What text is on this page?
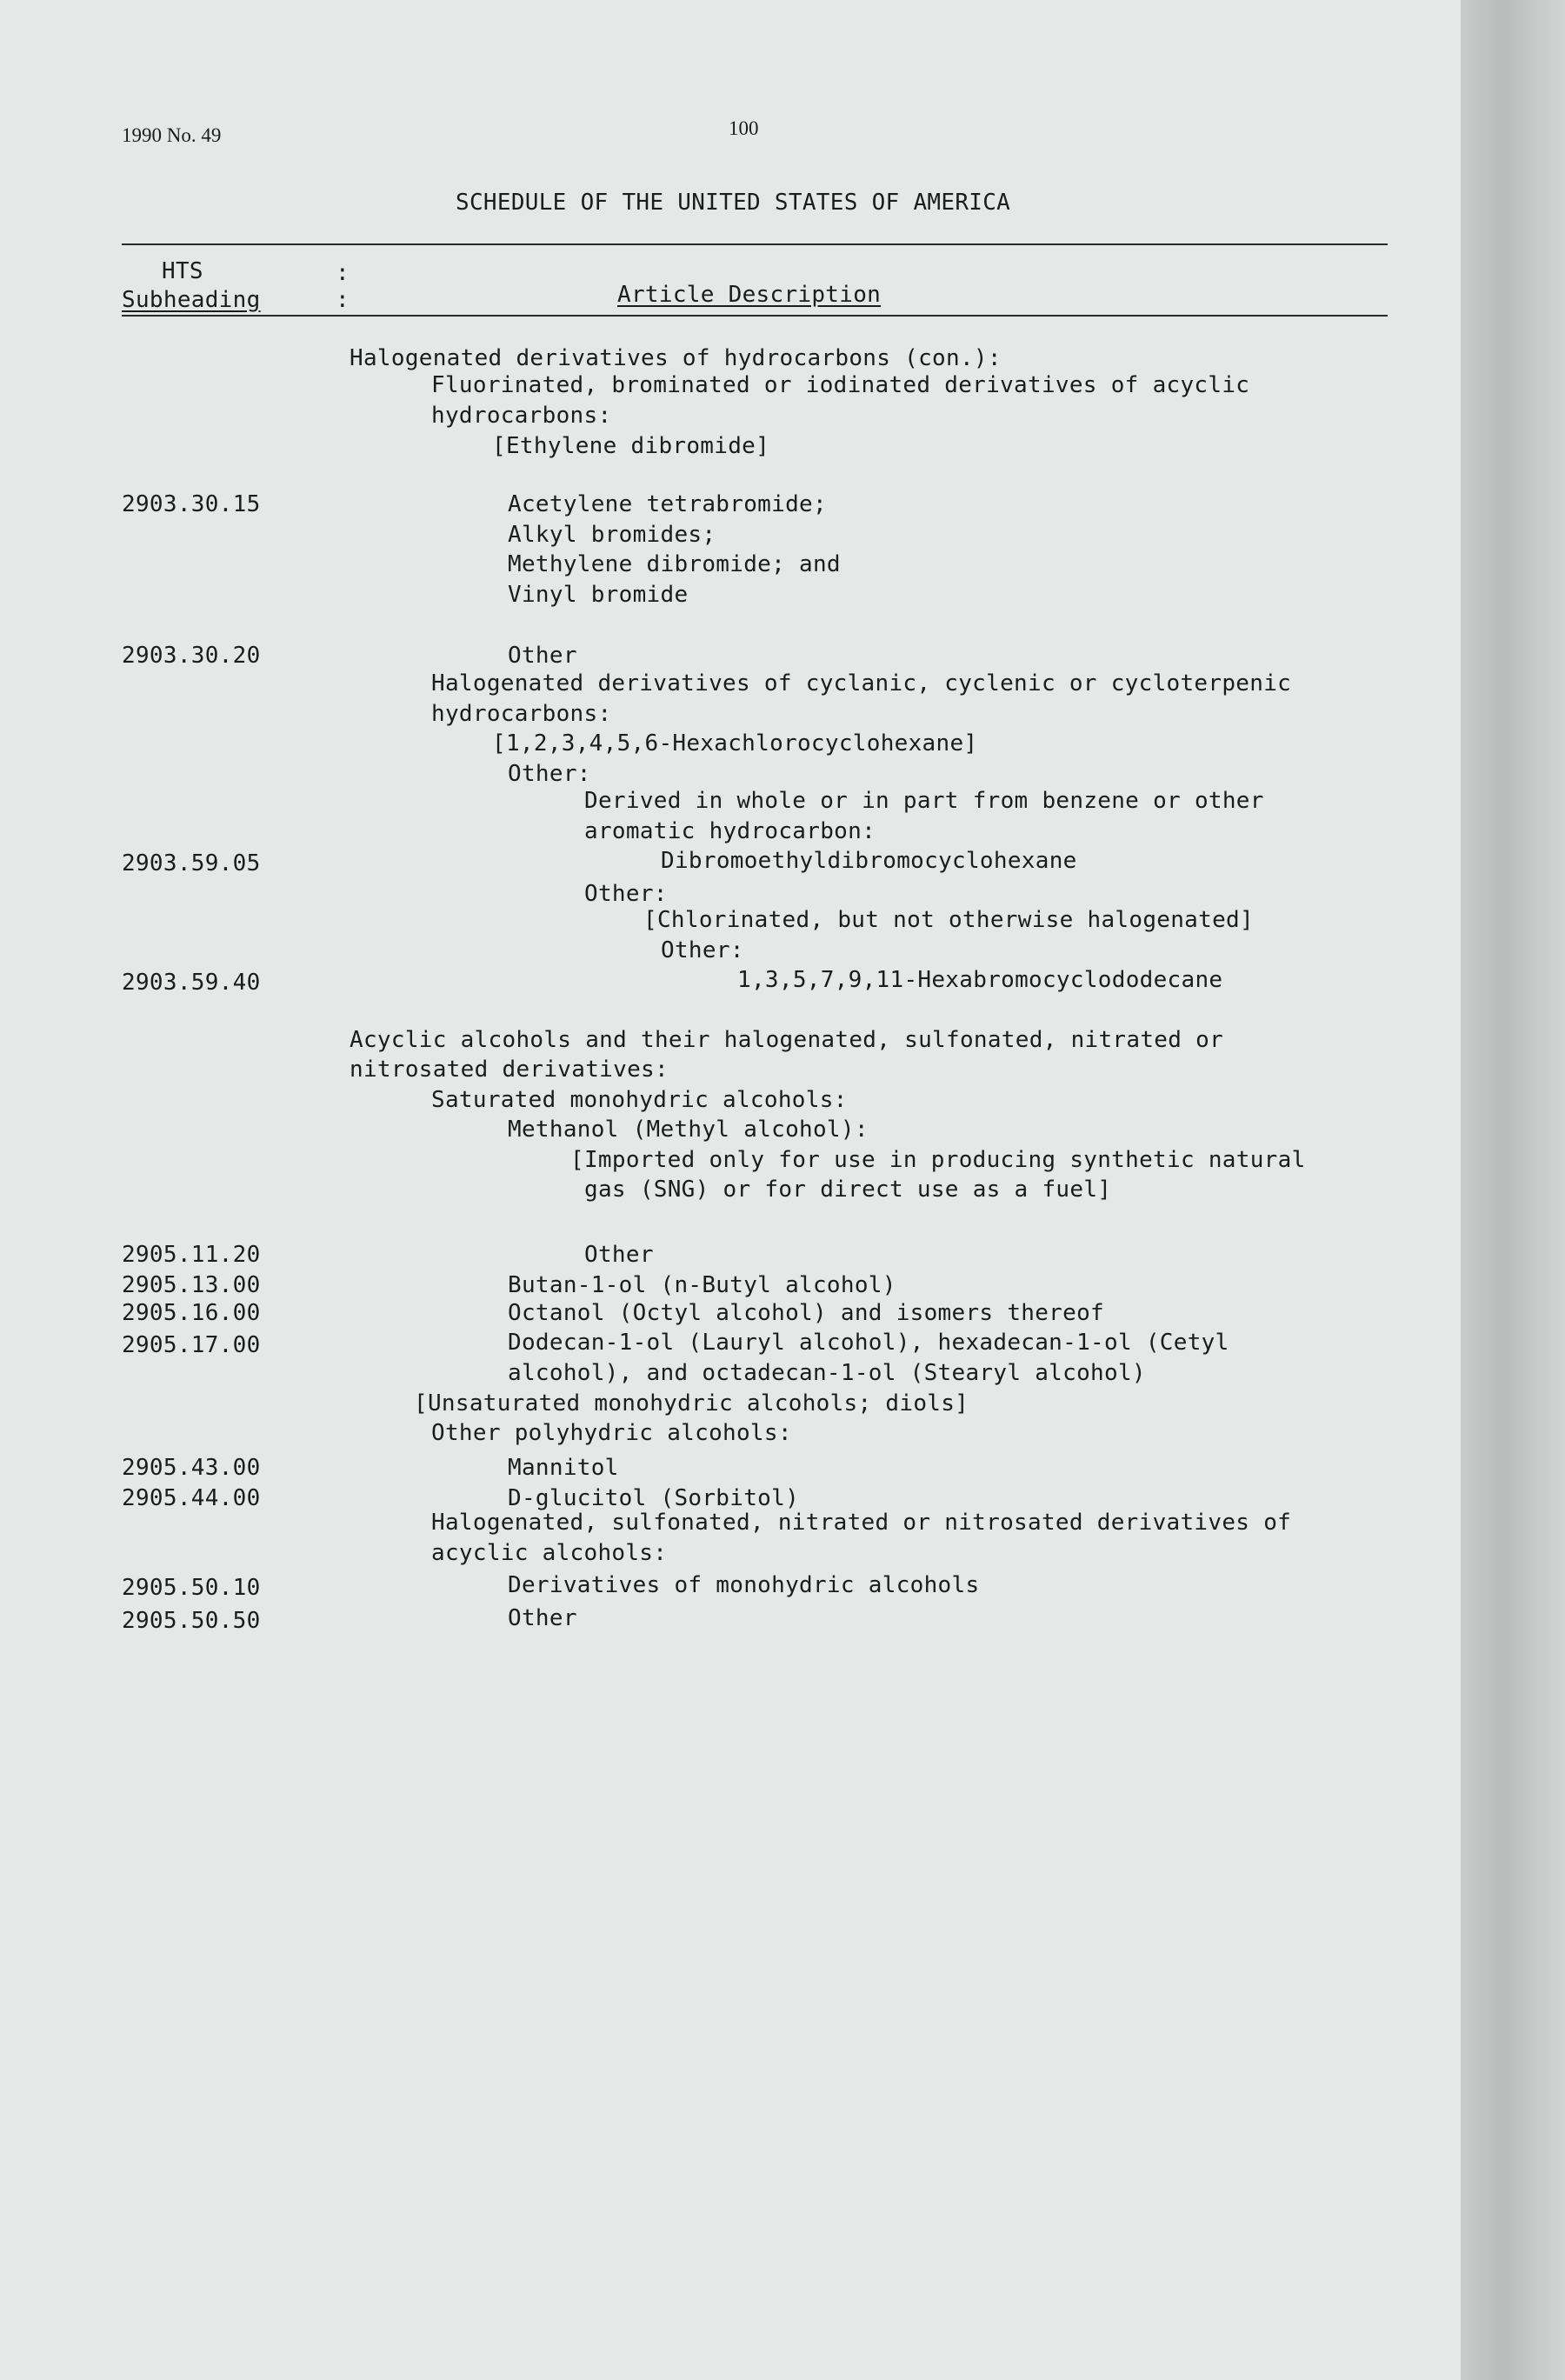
1990 No. 49	100
SCHEDULE OF THE UNITED STATES OF AMERICA
HTS
Subheading
:
:	Article Description
Halogenated derivatives of hydrocarbons (con.):
Fluorinated, brominated or iodinated derivatives of acyclic
hydrocarbons:
[Ethylene dibromide]
2903.30.15	Acetylene tetrabromide;
Alkyl bromides;
Methylene dibromide; and
Vinyl bromide
2903.30.20	Other
Halogenated derivatives of cyclanic, cyclenic or cycloterpenic
hydrocarbons:
[1,2,3,4,5,6-Hexachlorocyclohexane]
Other:
Derived in whole or in part from benzene or other
aromatic hydrocarbon:
2903.59.05	Dibromoethyldibromocyclohexane
Other:
[Chlorinated, but not otherwise halogenated]
Other:
2903.59.40	1,3,5,7,9,11-Hexabromocyclododecane
Acyclic alcohols and their halogenated, sulfonated, nitrated or
nitrosated derivatives:
Saturated monohydric alcohols:
Methanol (Methyl alcohol):
[Imported only for use in producing synthetic natural
gas (SNG) or for direct use as a fuel]
2905.11.20	Other
2905.13.00	Butan-1-ol (n-Butyl alcohol)
2905.16.00	Octanol (Octyl alcohol) and isomers thereof
2905.17.00	Dodecan-1-ol (Lauryl alcohol), hexadecan-1-ol (Cetyl
alcohol), and octadecan-1-ol (Stearyl alcohol)
[Unsaturated monohydric alcohols; diols]
Other polyhydric alcohols:
2905.43.00	Mannitol
2905.44.00	D-glucitol (Sorbitol)
Halogenated, sulfonated, nitrated or nitrosated derivatives of
acyclic alcohols:
2905.50.10	Derivatives of monohydric alcohols
2905.50.50	Other
